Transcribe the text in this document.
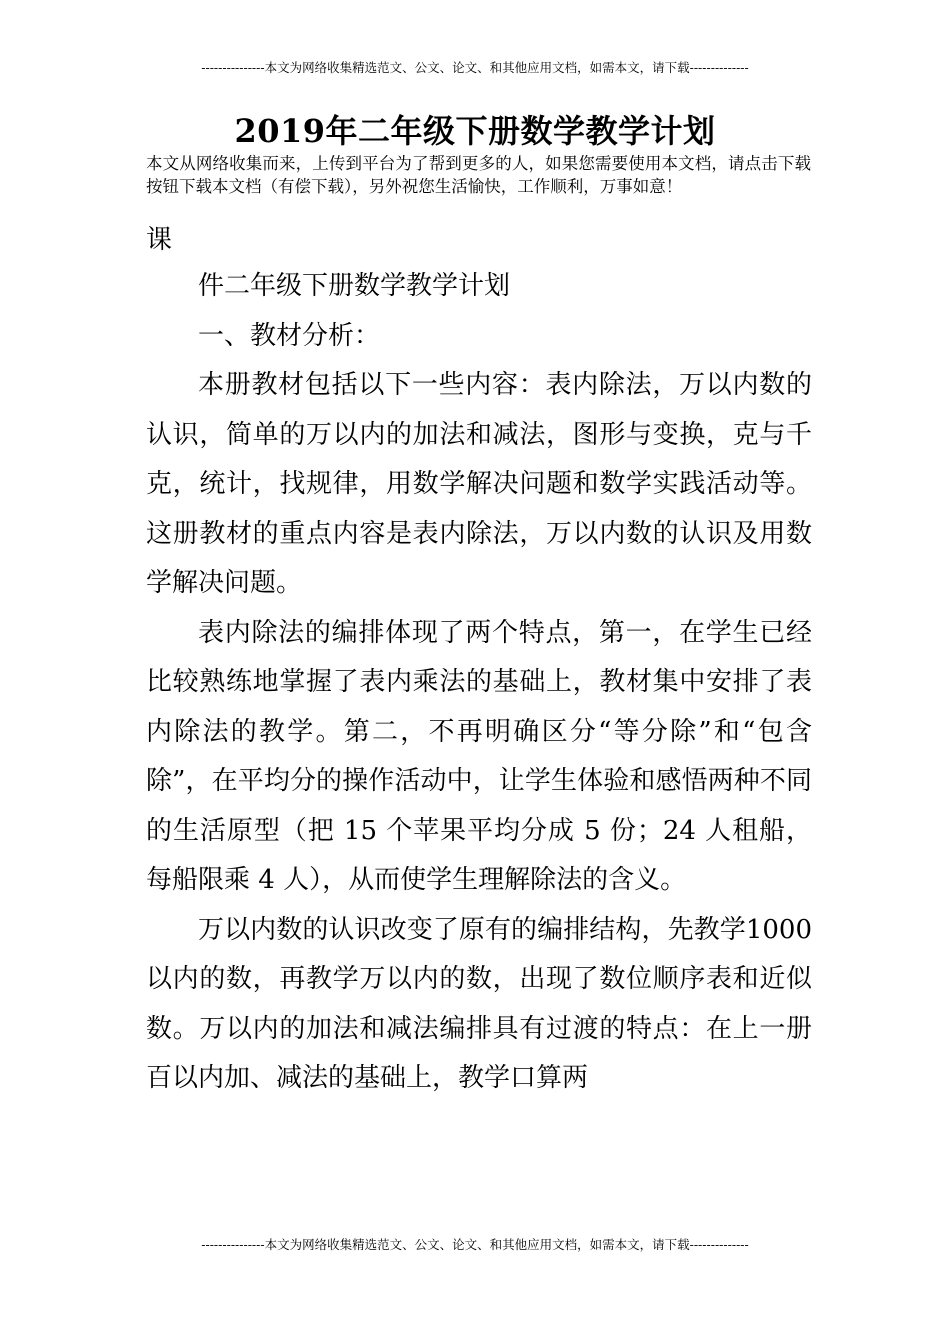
---------------本文为网络收集精选范文、公文、论文、和其他应用文档，如需本文，请下载--------------
2019年二年级下册数学教学计划
本文从网络收集而来，上传到平台为了帮到更多的人，如果您需要使用本文档，请点击下载按钮下载本文档（有偿下载），另外祝您生活愉快，工作顺利，万事如意！

课

件二年级下册数学教学计划

一、教材分析：

本册教材包括以下一些内容：表内除法，万以内数的认识，简单的万以内的加法和减法，图形与变换，克与千克，统计，找规律，用数学解决问题和数学实践活动等。这册教材的重点内容是表内除法，万以内数的认识及用数学解决问题。

表内除法的编排体现了两个特点，第一，在学生已经比较熟练地掌握了表内乘法的基础上，教材集中安排了表内除法的教学。第二，不再明确区分“等分除”和“包含除”，在平均分的操作活动中，让学生体验和感悟两种不同的生活原型（把 15 个苹果平均分成 5 份；24 人租船，每船限乘 4 人），从而使学生理解除法的含义。

万以内数的认识改变了原有的编排结构，先教学1000以内的数，再教学万以内的数，出现了数位顺序表和近似数。万以内的加法和减法编排具有过渡的特点：在上一册百以内加、减法的基础上，教学口算两

---------------本文为网络收集精选范文、公文、论文、和其他应用文档，如需本文，请下载--------------
